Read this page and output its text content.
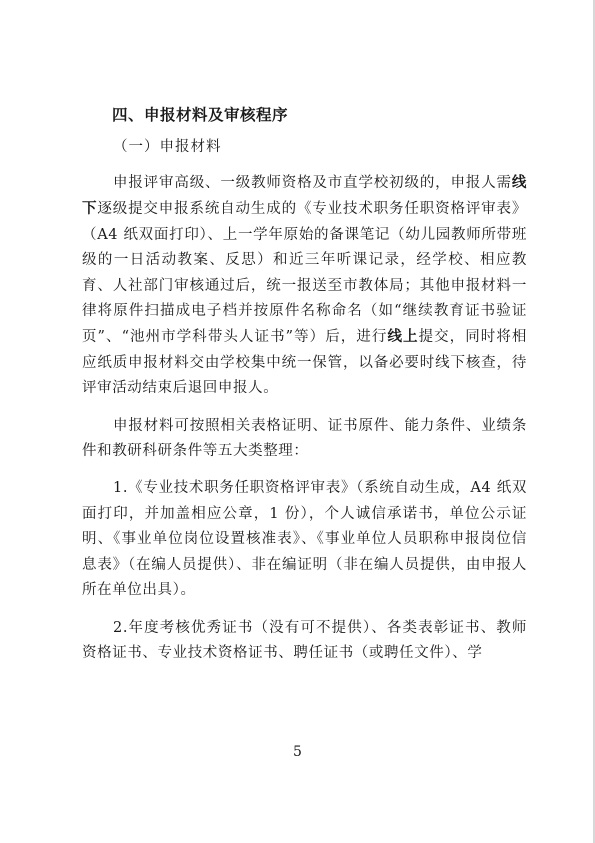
四、申报材料及审核程序
（一）申报材料

申报评审高级、一级教师资格及市直学校初级的，申报人需线下逐级提交申报系统自动生成的《专业技术职务任职资格评审表》（A4 纸双面打印）、上一学年原始的备课笔记（幼儿园教师所带班级的一日活动教案、反思）和近三年听课记录，经学校、相应教育、人社部门审核通过后，统一报送至市教体局；其他申报材料一律将原件扫描成电子档并按原件名称命名（如“继续教育证书验证页”、“池州市学科带头人证书”等）后，进行线上提交，同时将相应纸质申报材料交由学校集中统一保管，以备必要时线下核查，待评审活动结束后退回申报人。

申报材料可按照相关表格证明、证书原件、能力条件、业绩条件和教研科研条件等五大类整理：

1.《专业技术职务任职资格评审表》（系统自动生成，A4 纸双面打印，并加盖相应公章，1 份），个人诚信承诺书，单位公示证明、《事业单位岗位设置核准表》、《事业单位人员职称申报岗位信息表》（在编人员提供）、非在编证明（非在编人员提供，由申报人所在单位出具）。

2.年度考核优秀证书（没有可不提供）、各类表彰证书、教师资格证书、专业技术资格证书、聘任证书（或聘任文件）、学

5
